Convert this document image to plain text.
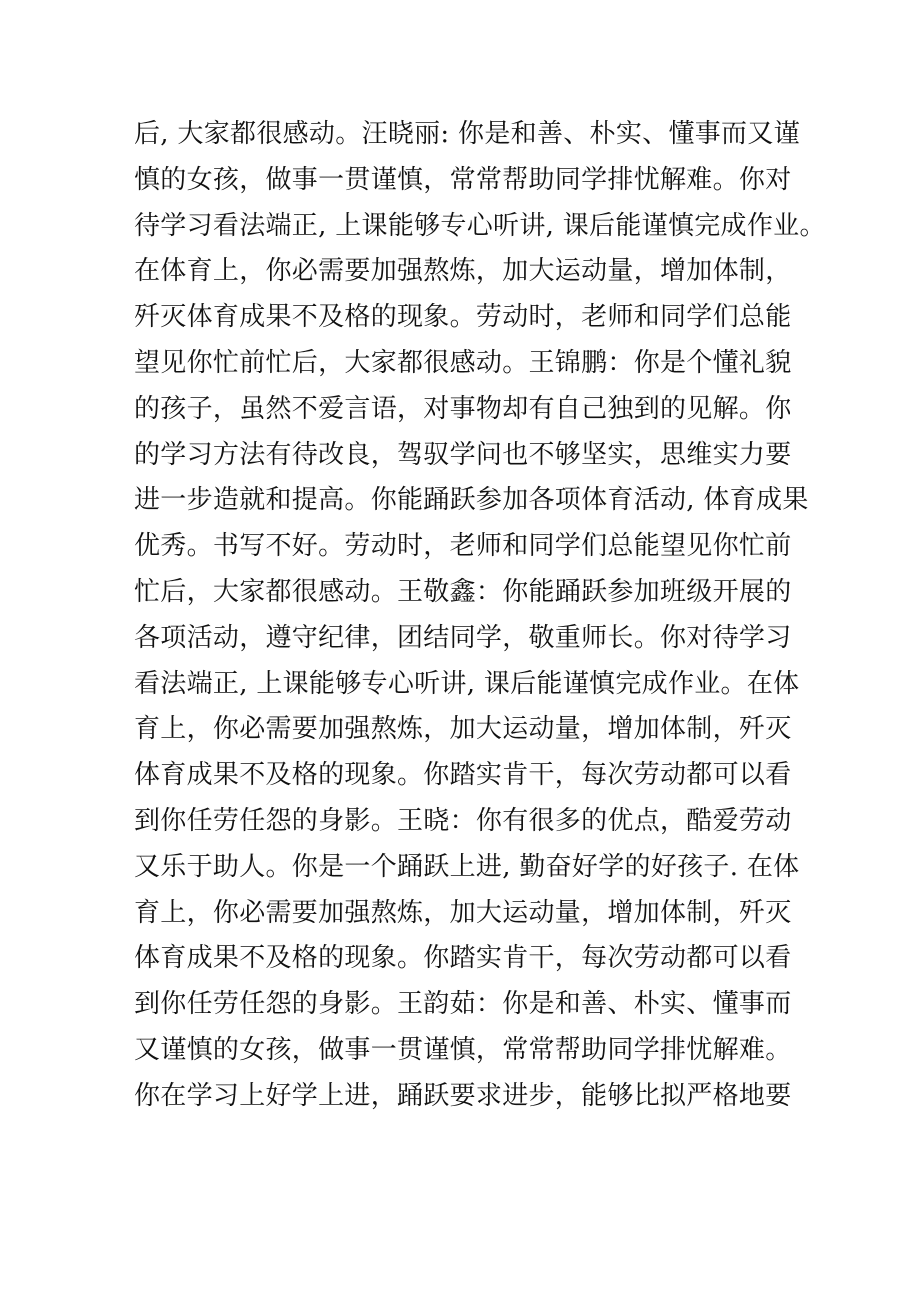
后, 大家都很感动。汪晓丽: 你是和善、朴实、懂事而又谨
慎的女孩，做事一贯谨慎，常常帮助同学排忧解难。你对
待学习看法端正, 上课能够专心听讲, 课后能谨慎完成作业。
在体育上，你必需要加强熬炼，加大运动量，增加体制，
歼灭体育成果不及格的现象。劳动时，老师和同学们总能
望见你忙前忙后，大家都很感动。王锦鹏：你是个懂礼貌
的孩子，虽然不爱言语，对事物却有自己独到的见解。你
的学习方法有待改良，驾驭学问也不够坚实，思维实力要
进一步造就和提高。你能踊跃参加各项体育活动, 体育成果
优秀。书写不好。劳动时，老师和同学们总能望见你忙前
忙后，大家都很感动。王敬鑫：你能踊跃参加班级开展的
各项活动，遵守纪律，团结同学，敬重师长。你对待学习
看法端正, 上课能够专心听讲, 课后能谨慎完成作业。在体
育上，你必需要加强熬炼，加大运动量，增加体制，歼灭
体育成果不及格的现象。你踏实肯干，每次劳动都可以看
到你任劳任怨的身影。王晓：你有很多的优点，酷爱劳动
又乐于助人。你是一个踊跃上进, 勤奋好学的好孩子. 在体
育上，你必需要加强熬炼，加大运动量，增加体制，歼灭
体育成果不及格的现象。你踏实肯干，每次劳动都可以看
到你任劳任怨的身影。王韵茹：你是和善、朴实、懂事而
又谨慎的女孩，做事一贯谨慎，常常帮助同学排忧解难。
你在学习上好学上进，踊跃要求进步，能够比拟严格地要
